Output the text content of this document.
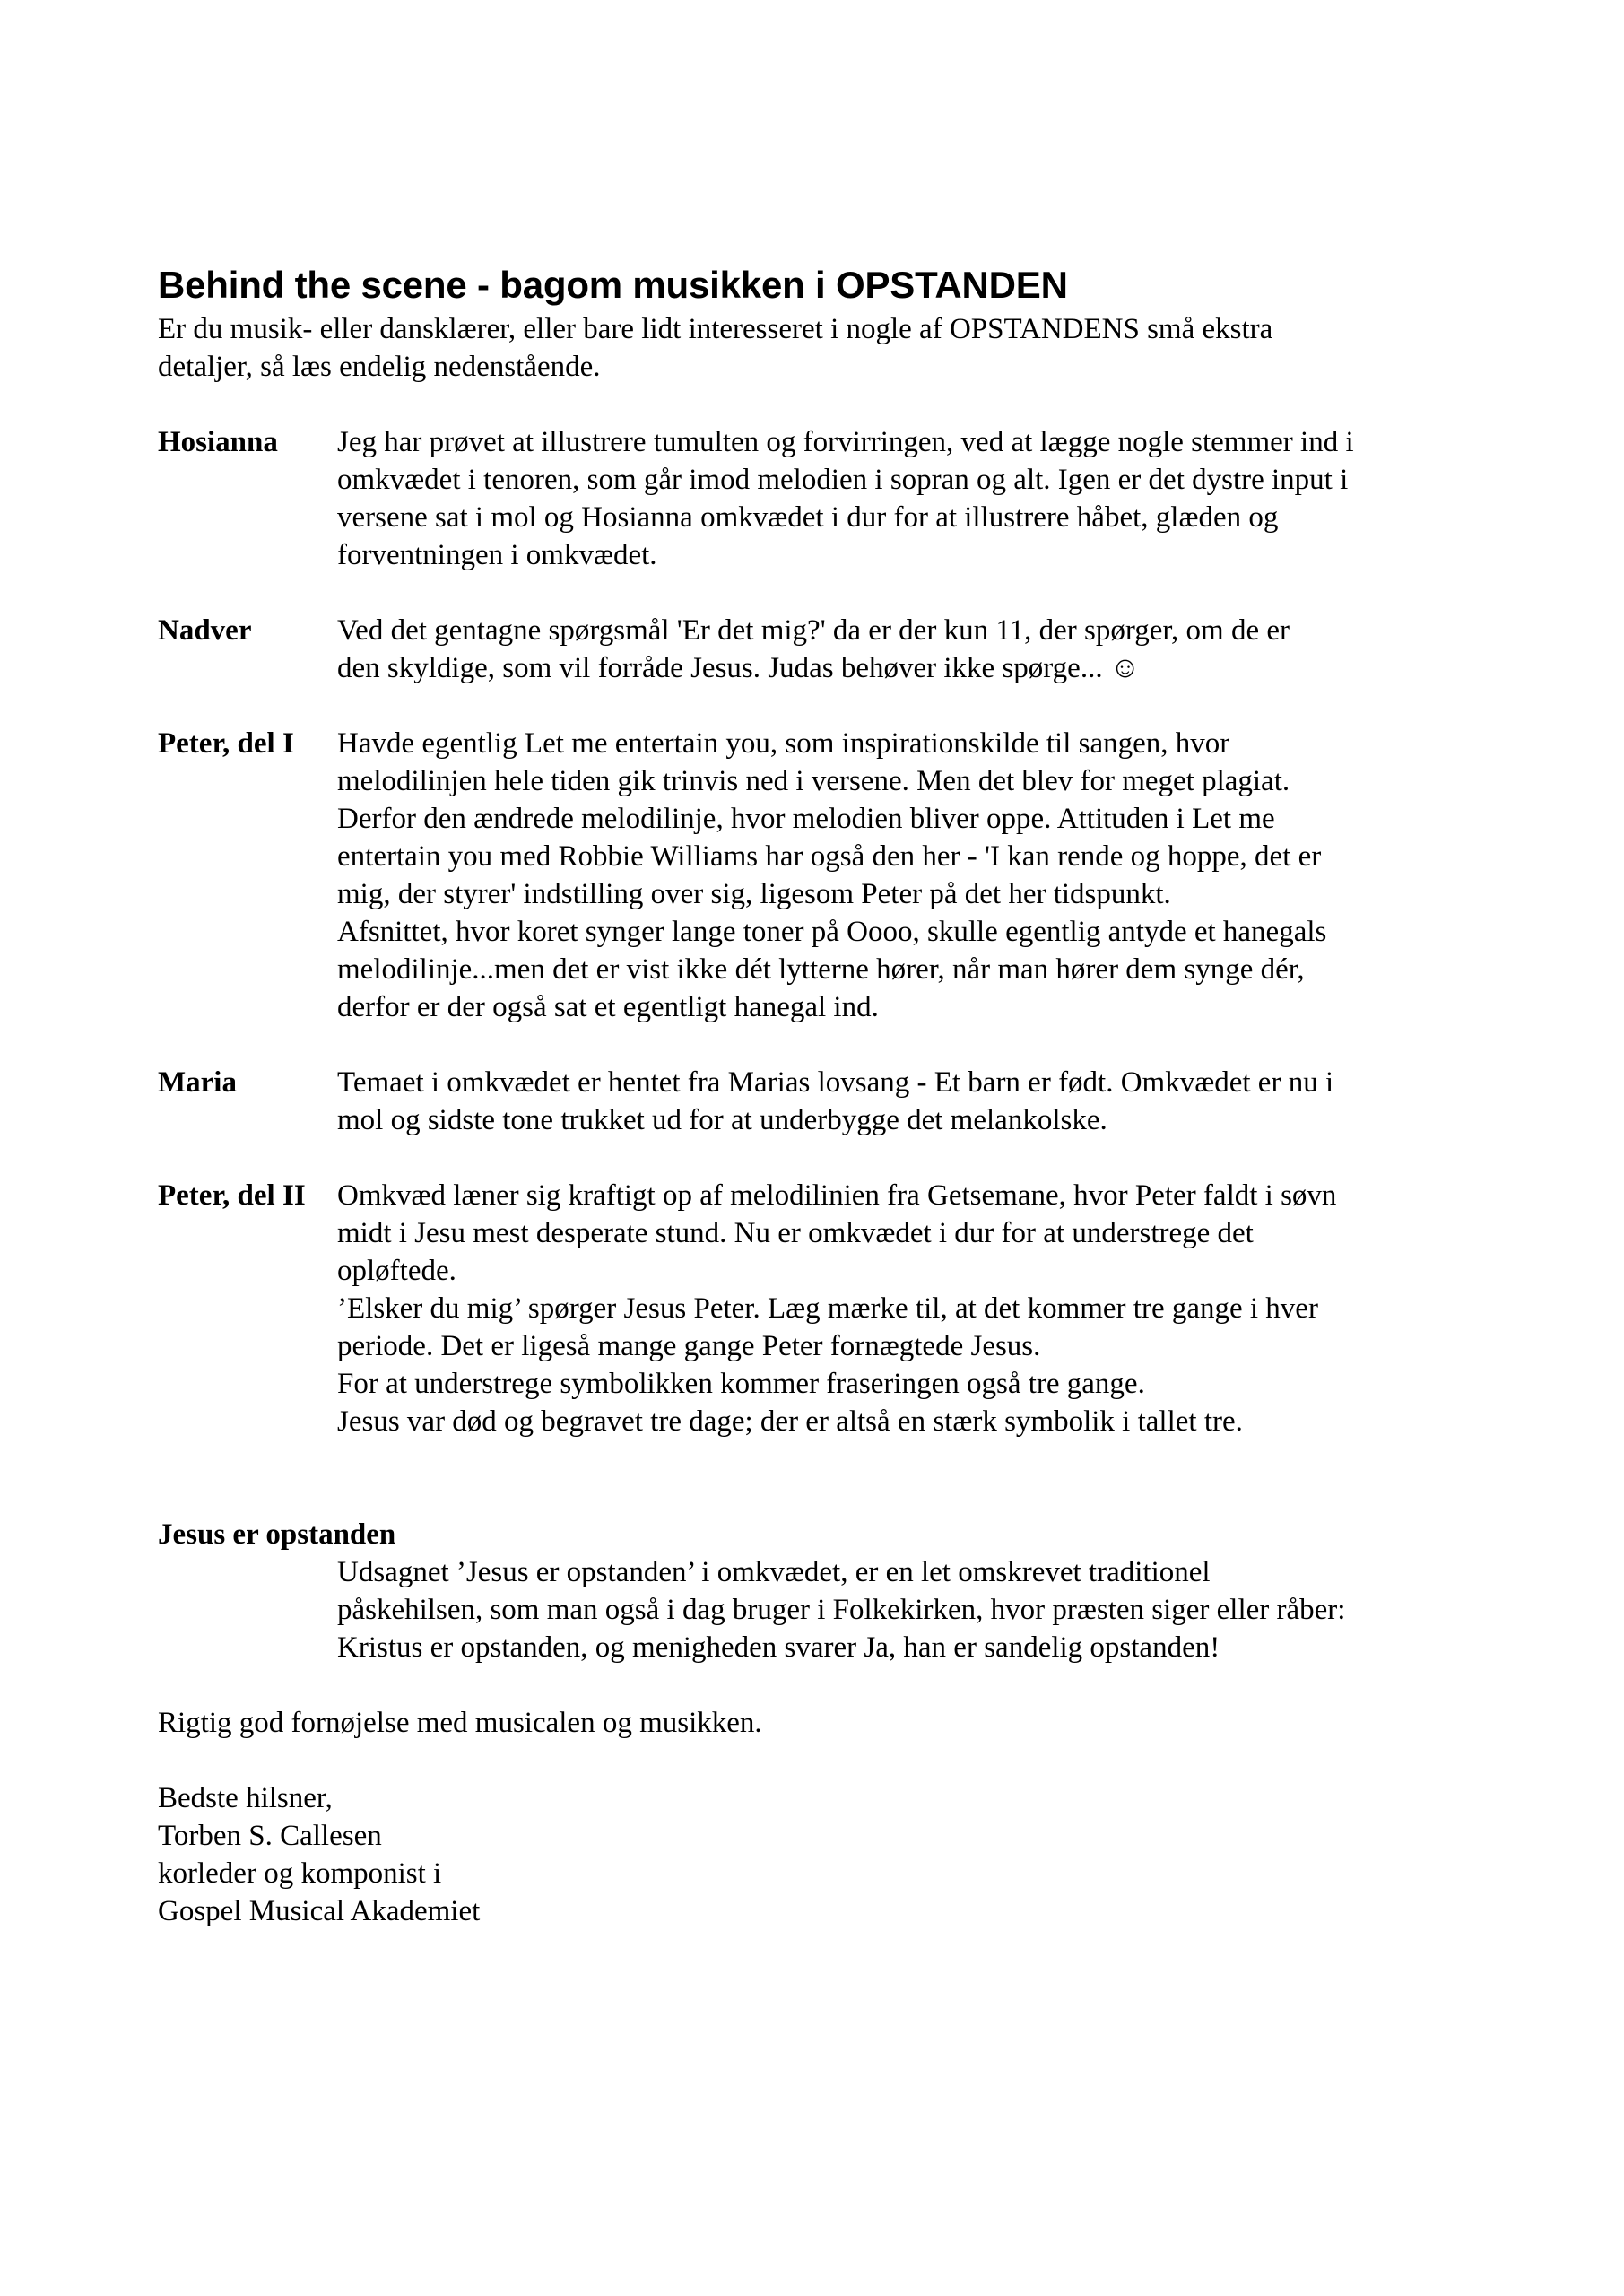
Behind the scene - bagom musikken i OPSTANDEN

Er du musik- eller dansklærer, eller bare lidt interesseret i nogle af OPSTANDENS små ekstra
detaljer, så læs endelig nedenstående.

Hosianna	Jeg har prøvet at illustrere tumulten og forvirringen, ved at lægge nogle stemmer ind i
omkvædet i tenoren, som går imod melodien i sopran og alt. Igen er det dystre input i
versene sat i mol og Hosianna omkvædet i dur for at illustrere håbet, glæden og
forventningen i omkvædet.
Nadver	Ved det gentagne spørgsmål 'Er det mig?' da er der kun 11, der spørger, om de er
den skyldige, som vil forråde Jesus. Judas behøver ikke spørge... ☺
Peter, del I	Havde egentlig Let me entertain you, som inspirationskilde til sangen, hvor
melodilinjen hele tiden gik trinvis ned i versene. Men det blev for meget plagiat.
Derfor den ændrede melodilinje, hvor melodien bliver oppe. Attituden i Let me
entertain you med Robbie Williams har også den her - 'I kan rende og hoppe, det er
mig, der styrer' indstilling over sig, ligesom Peter på det her tidspunkt.
Afsnittet, hvor koret synger lange toner på Oooo, skulle egentlig antyde et hanegals
melodilinje...men det er vist ikke dét lytterne hører, når man hører dem synge dér,
derfor er der også sat et egentligt hanegal ind.
Maria	Temaet i omkvædet er hentet fra Marias lovsang - Et barn er født. Omkvædet er nu i
mol og sidste tone trukket ud for at underbygge det melankolske.
Peter, del II	Omkvæd læner sig kraftigt op af melodilinien fra Getsemane, hvor Peter faldt i søvn
midt i Jesu mest desperate stund. Nu er omkvædet i dur for at understrege det
opløftede.
’Elsker du mig’ spørger Jesus Peter. Læg mærke til, at det kommer tre gange i hver
periode. Det er ligeså mange gange Peter fornægtede Jesus.
For at understrege symbolikken kommer fraseringen også tre gange.
Jesus var død og begravet tre dage; der er altså en stærk symbolik i tallet tre.
Jesus er opstanden
Udsagnet ’Jesus er opstanden’ i omkvædet, er en let omskrevet traditionel
påskehilsen, som man også i dag bruger i Folkekirken, hvor præsten siger eller råber:
Kristus er opstanden, og menigheden svarer Ja, han er sandelig opstanden!
Rigtig god fornøjelse med musicalen og musikken.
Bedste hilsner,
Torben S. Callesen
korleder og komponist i
Gospel Musical Akademiet
